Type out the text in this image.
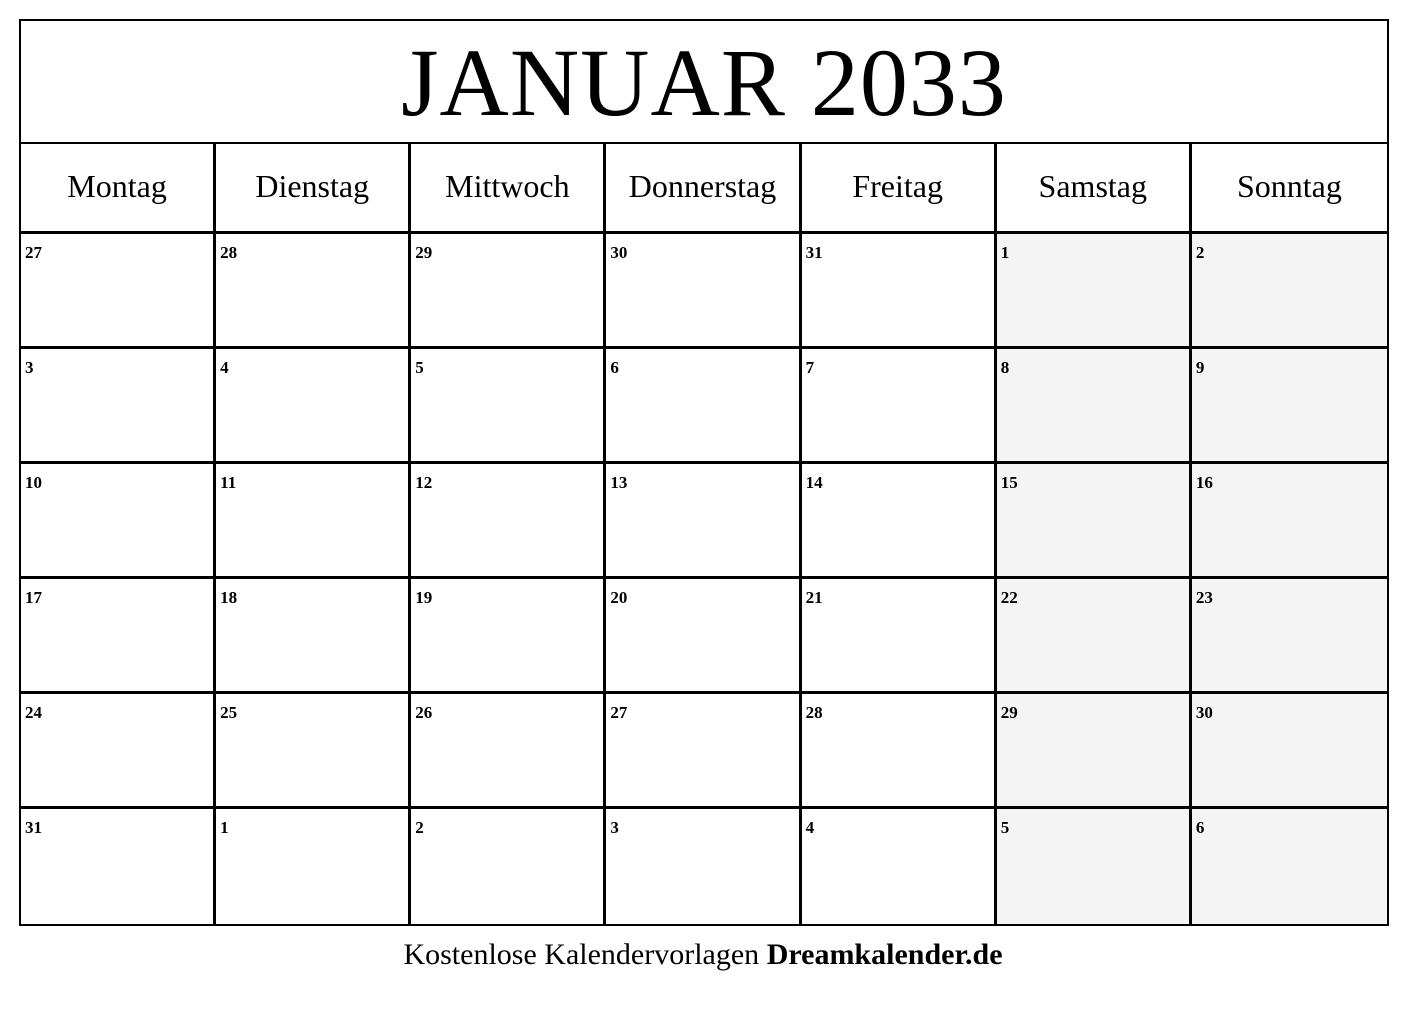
JANUAR 2033
Montag	Dienstag	Mittwoch	Donnerstag	Freitag	Samstag	Sonntag
27	28	29	30	31	1	2
3	4	5	6	7	8	9
10	11	12	13	14	15	16
17	18	19	20	21	22	23
24	25	26	27	28	29	30
31	1	2	3	4	5	6
Kostenlose Kalendervorlagen Dreamkalender.de
